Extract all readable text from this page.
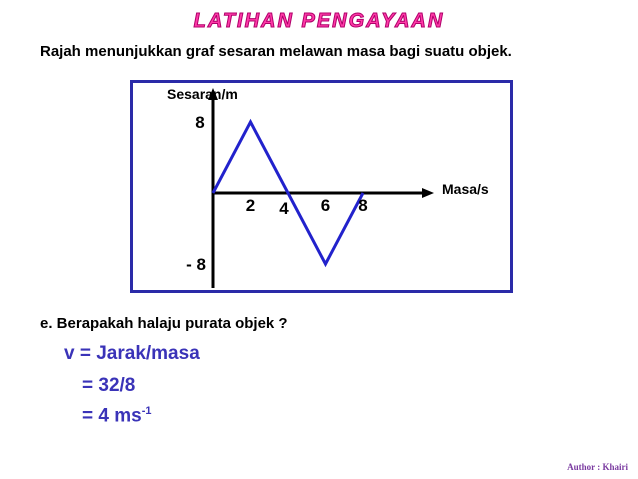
LATIHAN PENGAYAAN
Rajah menunjukkan graf sesaran melawan masa bagi suatu objek.
Sesaran/m
Masa/s
2 4 6 8
8
- 8
e. Berapakah halaju purata objek ?
v = Jarak/masa
= 32/8
= 4 $ms^{-1}$
Author : Khairi
